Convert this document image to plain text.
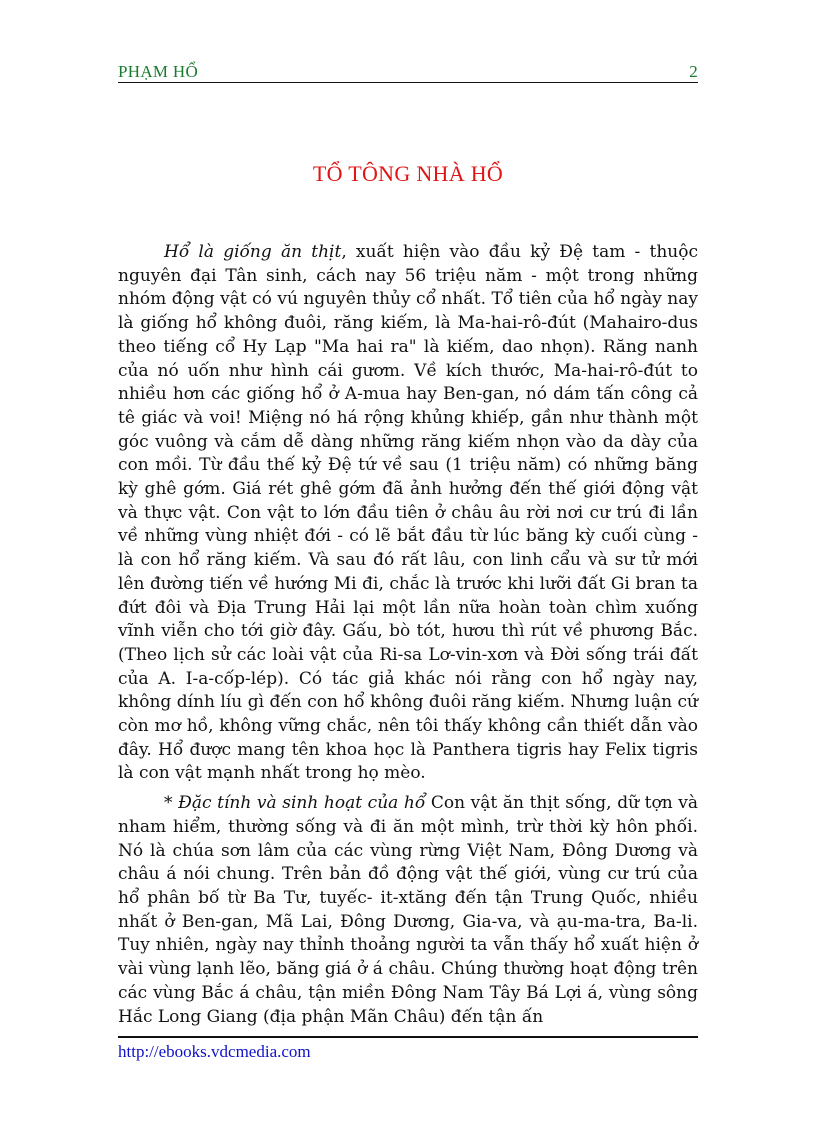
PHẠM HỔ	2
TỔ TÔNG NHÀ HỔ

Hổ là giống ăn thịt, xuất hiện vào đầu kỷ Đệ tam - thuộc nguyên đại Tân sinh, cách nay 56 triệu năm - một trong những nhóm động vật có vú nguyên thủy cổ nhất. Tổ tiên của hổ ngày nay là giống hổ không đuôi, răng kiếm, là Ma-hai-rô-đút (Mahairo-dus theo tiếng cổ Hy Lạp "Ma hai ra" là kiếm, dao nhọn). Răng nanh của nó uốn như hình cái gươm. Về kích thước, Ma-hai-rô-đút to nhiều hơn các giống hổ ở A-mua hay Ben-gan, nó dám tấn công cả tê giác và voi! Miệng nó há rộng khủng khiếp, gần như thành một góc vuông và cắm dễ dàng những răng kiếm nhọn vào da dày của con mồi. Từ đầu thế kỷ Đệ tứ về sau (1 triệu năm) có những băng kỳ ghê gớm. Giá rét ghê gớm đã ảnh hưởng đến thế giới động vật và thực vật. Con vật to lớn đầu tiên ở châu âu rời nơi cư trú đi lần về những vùng nhiệt đới - có lẽ bắt đầu từ lúc băng kỳ cuối cùng - là con hổ răng kiếm. Và sau đó rất lâu, con linh cẩu và sư tử mới lên đường tiến về hướng Mi đi, chắc là trước khi lưỡi đất Gi bran ta đứt đôi và Địa Trung Hải lại một lần nữa hoàn toàn chìm xuống vĩnh viễn cho tới giờ đây. Gấu, bò tót, hươu thì rút về phương Bắc. (Theo lịch sử các loài vật của Ri-sa Lơ-vin-xơn và Đời sống trái đất của A. I-a-cốp-lép). Có tác giả khác nói rằng con hổ ngày nay, không dính líu gì đến con hổ không đuôi răng kiếm. Nhưng luận cứ còn mơ hồ, không vững chắc, nên tôi thấy không cần thiết dẫn vào đây. Hổ được mang tên khoa học là Panthera tigris hay Felix tigris là con vật mạnh nhất trong họ mèo.

* Đặc tính và sinh hoạt của hổ Con vật ăn thịt sống, dữ tợn và nham hiểm, thường sống và đi ăn một mình, trừ thời kỳ hôn phối. Nó là chúa sơn lâm của các vùng rừng Việt Nam, Đông Dương và châu á nói chung. Trên bản đồ động vật thế giới, vùng cư trú của hổ phân bố từ Ba Tư, tuyếc- it-xtăng đến tận Trung Quốc, nhiều nhất ở Ben-gan, Mã Lai, Đông Dương, Gia-va, và ạu-ma-tra, Ba-li. Tuy nhiên, ngày nay thỉnh thoảng người ta vẫn thấy hổ xuất hiện ở vài vùng lạnh lẽo, băng giá ở á châu. Chúng thường hoạt động trên các vùng Bắc á châu, tận miền Đông Nam Tây Bá Lợi á, vùng sông Hắc Long Giang (địa phận Mãn Châu) đến tận ấn

http://ebooks.vdcmedia.com
